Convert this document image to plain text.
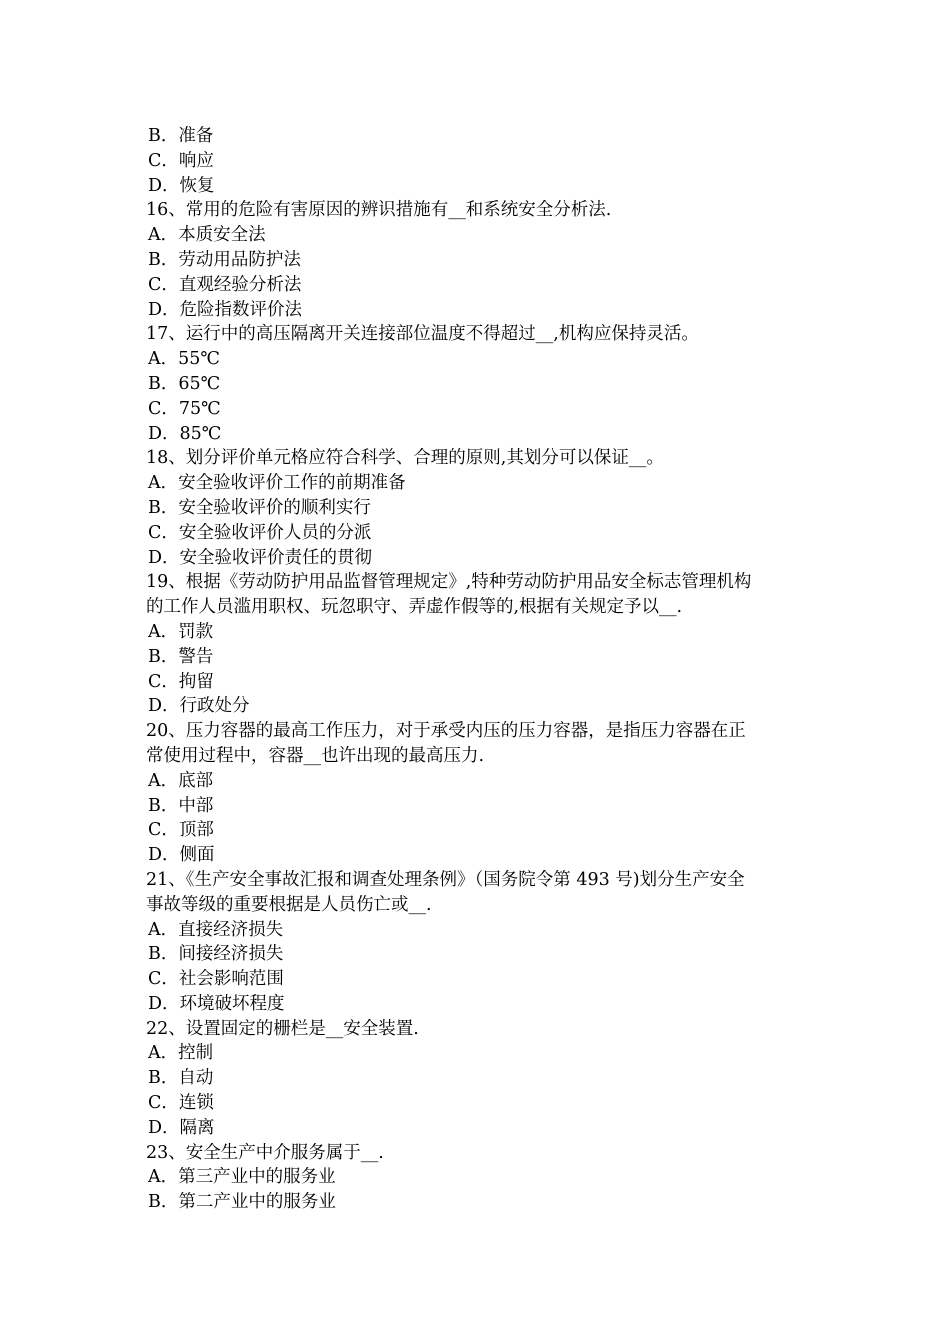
B．准备
C．响应
D．恢复
16、常用的危险有害原因的辨识措施有__和系统安全分析法.
A．本质安全法
B．劳动用品防护法
C．直观经验分析法
D．危险指数评价法
17、运行中的高压隔离开关连接部位温度不得超过__,机构应保持灵活。
A．55℃
B．65℃
C．75℃
D．85℃
18、划分评价单元格应符合科学、合理的原则,其划分可以保证__。
A．安全验收评价工作的前期准备
B．安全验收评价的顺利实行
C．安全验收评价人员的分派
D．安全验收评价责任的贯彻
19、根据《劳动防护用品监督管理规定》,特种劳动防护用品安全标志管理机构
的工作人员滥用职权、玩忽职守、弄虚作假等的,根据有关规定予以__.
A．罚款
B．警告
C．拘留
D．行政处分
20、压力容器的最高工作压力，对于承受内压的压力容器，是指压力容器在正
常使用过程中，容器__也许出现的最高压力.
A．底部
B．中部
C．顶部
D．侧面
21、《生产安全事故汇报和调查处理条例》（国务院令第 493 号)划分生产安全
事故等级的重要根据是人员伤亡或__.
A．直接经济损失
B．间接经济损失
C．社会影响范围
D．环境破坏程度
22、设置固定的栅栏是__安全装置.
A．控制
B．自动
C．连锁
D．隔离
23、安全生产中介服务属于__.
A．第三产业中的服务业
B．第二产业中的服务业
